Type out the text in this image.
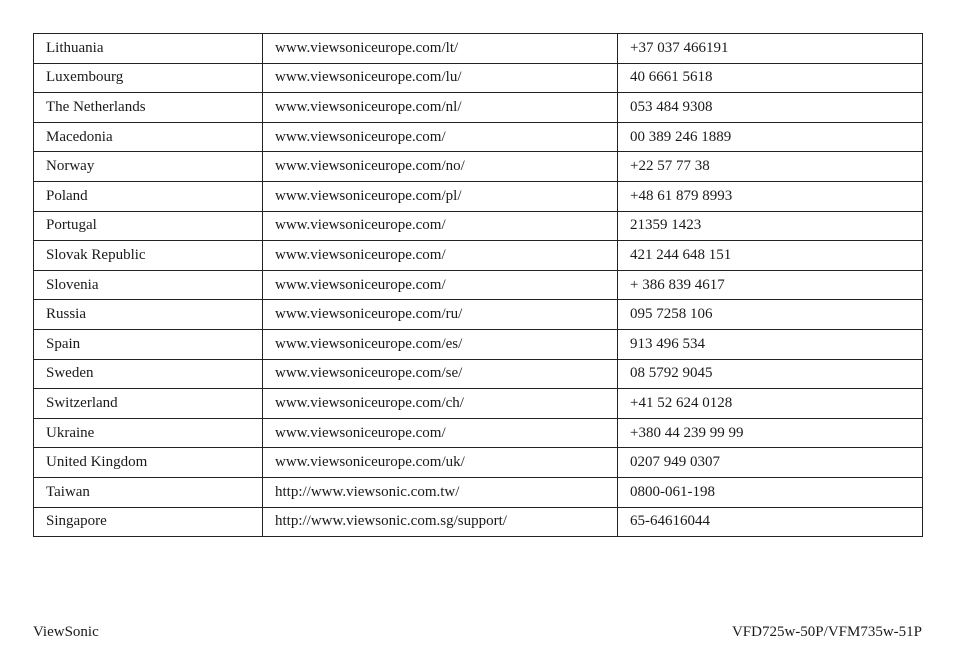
Lithuania	www.viewsoniceurope.com/lt/	+37 037 466191
Luxembourg	www.viewsoniceurope.com/lu/	40 6661 5618
The Netherlands	www.viewsoniceurope.com/nl/	053 484 9308
Macedonia	www.viewsoniceurope.com/	00 389 246 1889
Norway	www.viewsoniceurope.com/no/	+22 57 77 38
Poland	www.viewsoniceurope.com/pl/	+48 61 879 8993
Portugal	www.viewsoniceurope.com/	21359 1423
Slovak Republic	www.viewsoniceurope.com/	421 244 648 151
Slovenia	www.viewsoniceurope.com/	+ 386 839 4617
Russia	www.viewsoniceurope.com/ru/	095 7258 106
Spain	www.viewsoniceurope.com/es/	913 496 534
Sweden	www.viewsoniceurope.com/se/	08 5792 9045
Switzerland	www.viewsoniceurope.com/ch/	+41 52 624 0128
Ukraine	www.viewsoniceurope.com/	+380 44 239 99 99
United Kingdom	www.viewsoniceurope.com/uk/	0207 949 0307
Taiwan	http://www.viewsonic.com.tw/	0800-061-198
Singapore	http://www.viewsonic.com.sg/support/	65-64616044
ViewSonic	VFD725w-50P/VFM735w-51P
